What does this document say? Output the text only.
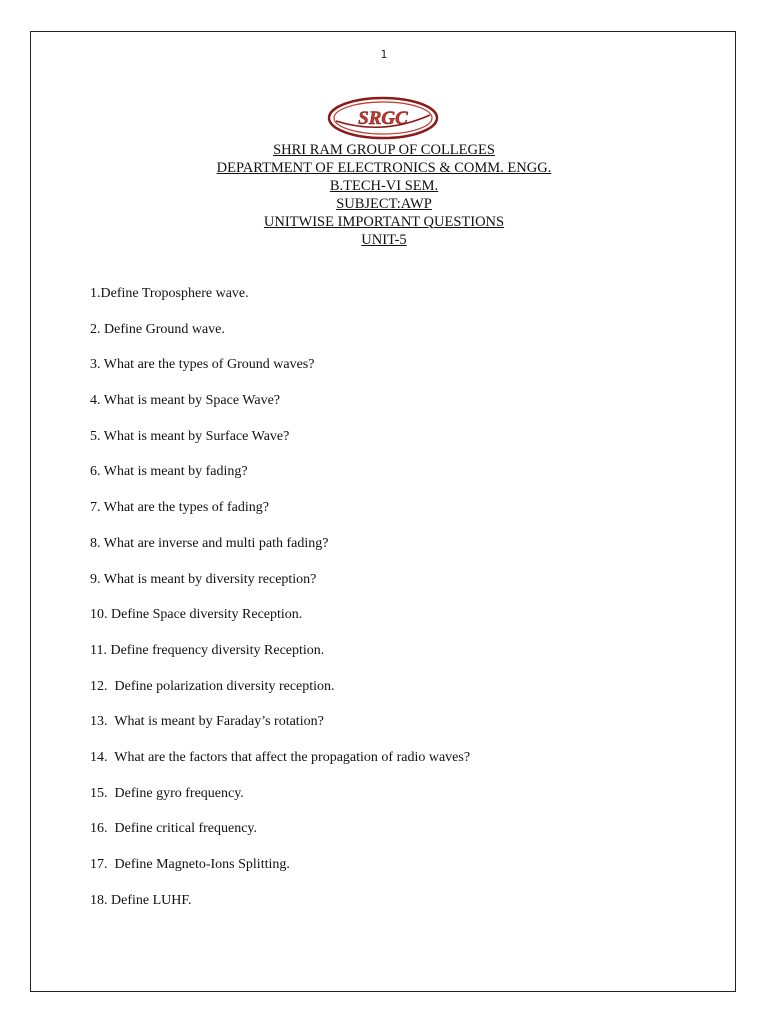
1
SRGC
SHRI RAM GROUP OF COLLEGES
DEPARTMENT OF ELECTRONICS & COMM. ENGG.
B.TECH-VI SEM.
SUBJECT:AWP
UNITWISE IMPORTANT QUESTIONS
UNIT-5
1.Define Troposphere wave.
2. Define Ground wave.
3. What are the types of Ground waves?
4. What is meant by Space Wave?
5. What is meant by Surface Wave?
6. What is meant by fading?
7. What are the types of fading?
8. What are inverse and multi path fading?
9. What is meant by diversity reception?
10. Define Space diversity Reception.
11. Define frequency diversity Reception.
12.  Define polarization diversity reception.
13.  What is meant by Faraday’s rotation?
14.  What are the factors that affect the propagation of radio waves?
15.  Define gyro frequency.
16.  Define critical frequency.
17.  Define Magneto-Ions Splitting.
18. Define LUHF.
